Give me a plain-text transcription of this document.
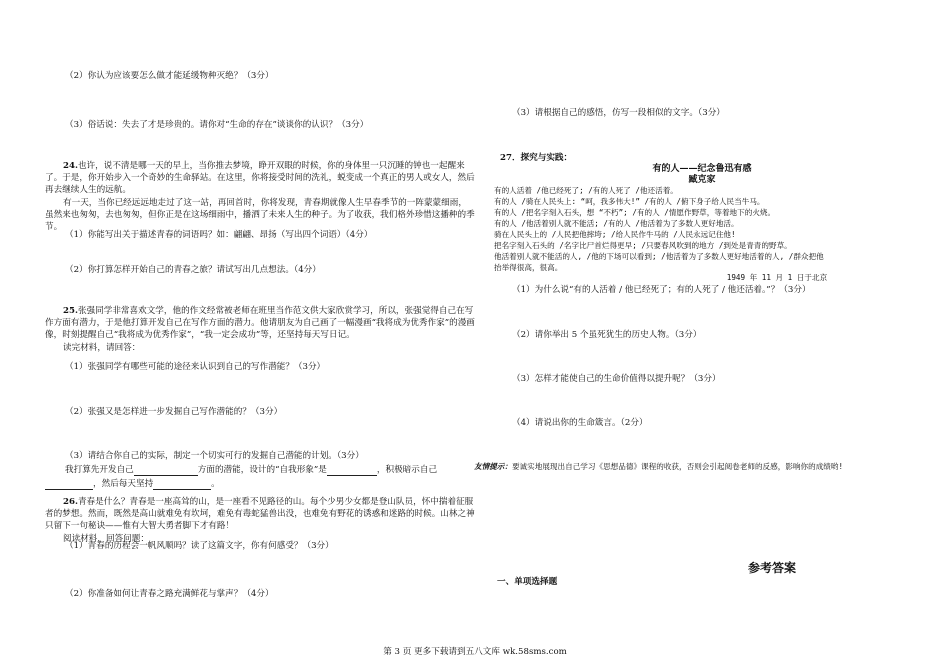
（2）你认为应该要怎么做才能延缓物种灭绝？（3分）
（3）俗话说：失去了才是珍贵的。请你对“生命的存在”谈谈你的认识？（3分）

24.也许，说不清是哪一天的早上，当你推去梦境，睁开双眼的时候，你的身体里一只沉睡的钟也一起醒来了。于是，你开始步入一个奇妙的生命驿站。在这里，你将接受时间的洗礼，蜕变成一个真正的男人或女人，然后再去继续人生的远航。

有一天，当你已经远远地走过了这一站，再回首时，你将发现，青春期就像人生早春季节的一阵蒙蒙细雨，虽然来也匆匆，去也匆匆，但你正是在这场细雨中，播洒了未来人生的种子。为了收获，我们格外珍惜这播种的季节。

（1）你能写出关于描述青春的词语吗？如：翩翩、昂扬（写出四个词语）（4分）
（2）你打算怎样开始自己的青春之旅？请试写出几点想法。（4分）

25.张强同学非常喜欢文学，他的作文经常被老师在班里当作范文供大家欣赏学习，所以，张强觉得自己在写作方面有潜力，于是他打算开发自己在写作方面的潜力。他请朋友为自己画了一幅漫画“我将成为优秀作家”的漫画像，时刻提醒自己“我将成为优秀作家”，“我一定会成功”等，还坚持每天写日记。

读完材料，请回答：

（1）张强同学有哪些可能的途径来认识到自己的写作潜能？（3分）
（2）张强又是怎样进一步发掘自己写作潜能的？（3分）
（3）请结合你自己的实际，制定一个切实可行的发掘自己潜能的计划。（3分）
我打算先开发自己	方面的潜能，设计的“自我形象”是	，积极暗示自己
，然后每天坚持	。

26.青春是什么？青春是一座高耸的山，是一座看不见路径的山。每个少男少女都是登山队员，怀中揣着征服者的梦想。然而，既然是高山就难免有坎坷，难免有毒蛇猛兽出没，也难免有野花的诱惑和迷路的时候。山林之神只留下一句秘诀——惟有大智大勇者脚下才有路！

阅读材料，回答问题：

（1）青春的历程会一帆风顺吗？读了这篇文字，你有何感受？（3分）
（2）你准备如何让青春之路充满鲜花与掌声？（4分）
（3）请根据自己的感悟，仿写一段相似的文字。（3分）
27．探究与实践：
有的人——纪念鲁迅有感
臧克家
有的人活着 /他已经死了; /有的人死了 /他还活着。
有的人 /骑在人民头上: “呵，我多伟大!” /有的人 /俯下身子给人民当牛马。
有的人 /把名字刻入石头，想 “不朽”; /有的人 /情愿作野草，等着地下的火烧。
有的人 /他活着别人就不能活; /有的人 /他活着为了多数人更好地活。
骑在人民头上的 /人民把他摔垮; /给人民作牛马的 /人民永远记住他!
把名字刻入石头的 /名字比尸首烂得更早; /只要春风吹到的地方 /到处是青青的野草。
他活着别人就不能活的人, /他的下场可以看到; /他活着为了多数人更好地活着的人, /群众把他
抬举得很高，很高。
1949 年 11 月 1 日于北京
（1）为什么说“有的人活着 / 他已经死了；有的人死了 / 他还活着。”？（3分）
（2）请你举出 5 个虽死犹生的历史人物。（3分）
（3）怎样才能使自己的生命价值得以提升呢？（3分）
（4）请说出你的生命箴言。（2分）
友情提示：要诚实地展现出自己学习《思想品德》课程的收获，否则会引起阅卷老师的反感，影响你的成绩哟!
参考答案
一、单项选择题
第 3 页 更多下载请到五八文库 wk.58sms.com
